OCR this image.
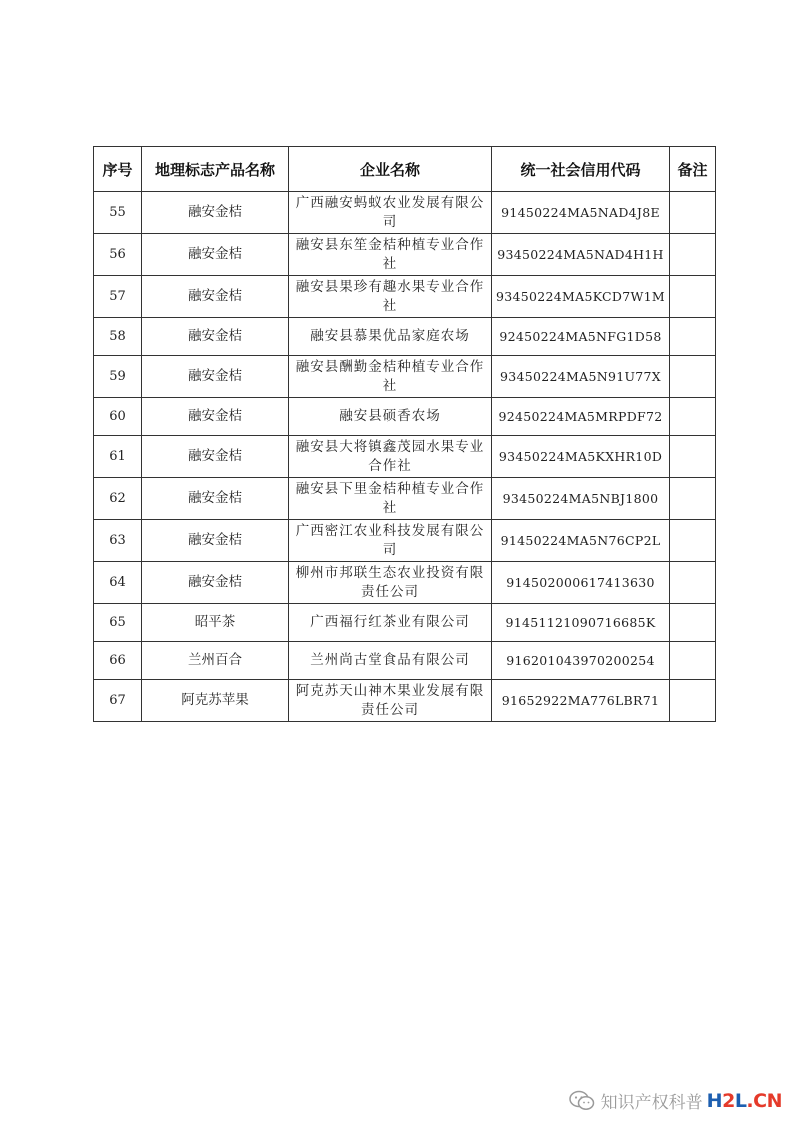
序号	地理标志产品名称	企业名称	统一社会信用代码	备注
55	融安金桔	广西融安蚂蚁农业发展有限公司	91450224MA5NAD4J8E	
56	融安金桔	融安县东笙金桔种植专业合作社	93450224MA5NAD4H1H	
57	融安金桔	融安县果珍有趣水果专业合作社	93450224MA5KCD7W1M	
58	融安金桔	融安县慕果优品家庭农场	92450224MA5NFG1D58	
59	融安金桔	融安县酬勤金桔种植专业合作社	93450224MA5N91U77X	
60	融安金桔	融安县硕香农场	92450224MA5MRPDF72	
61	融安金桔	融安县大将镇鑫茂园水果专业合作社	93450224MA5KXHR10D	
62	融安金桔	融安县下里金桔种植专业合作社	93450224MA5NBJ1800	
63	融安金桔	广西密江农业科技发展有限公司	91450224MA5N76CP2L	
64	融安金桔	柳州市邦联生态农业投资有限责任公司	914502000617413630	
65	昭平茶	广西福行红茶业有限公司	91451121090716685K	
66	兰州百合	兰州尚古堂食品有限公司	916201043970200254	
67	阿克苏苹果	阿克苏天山神木果业发展有限责任公司	91652922MA776LBR71	
知识产权科普 H2L.CN
